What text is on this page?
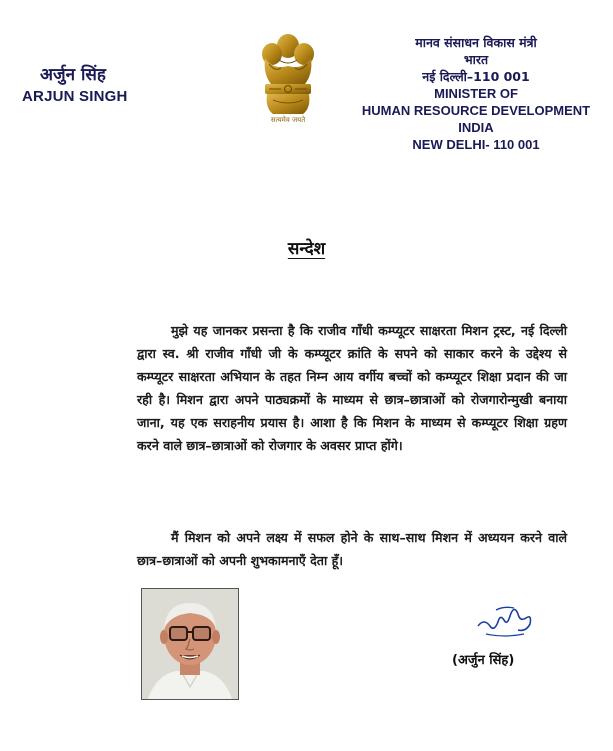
अर्जुन सिंह
ARJUN SINGH
सत्यमेव जयते
मानव संसाधन विकास मंत्री
भारत
नई दिल्ली–110 001
MINISTER OF
HUMAN RESOURCE DEVELOPMENT
INDIA
NEW DELHI- 110 001
सन्देश
मुझे यह जानकर प्रसन्ता है कि राजीव गाँधी कम्प्यूटर साक्षरता मिशन ट्रस्ट, नई दिल्ली द्वारा स्व. श्री राजीव गाँधी जी के कम्प्यूटर क्रांति के सपने को साकार करने के उद्देश्य से कम्प्यूटर साक्षरता अभियान के तहत निम्न आय वर्गीय बच्चों को कम्प्यूटर शिक्षा प्रदान की जा रही है। मिशन द्वारा अपने पाठ्यक्रमों के माध्यम से छात्र–छात्राओं को रोजगारोन्मुखी बनाया जाना, यह एक सराहनीय प्रयास है। आशा है कि मिशन के माध्यम से कम्प्यूटर शिक्षा ग्रहण करने वाले छात्र–छात्राओं को रोजगार के अवसर प्राप्त होंगे।
मैं मिशन को अपने लक्ष्य में सफल होने के साथ–साथ मिशन में अध्ययन करने वाले छात्र–छात्राओं को अपनी शुभकामनाएँ देता हूँ।
(अर्जुन सिंह)
